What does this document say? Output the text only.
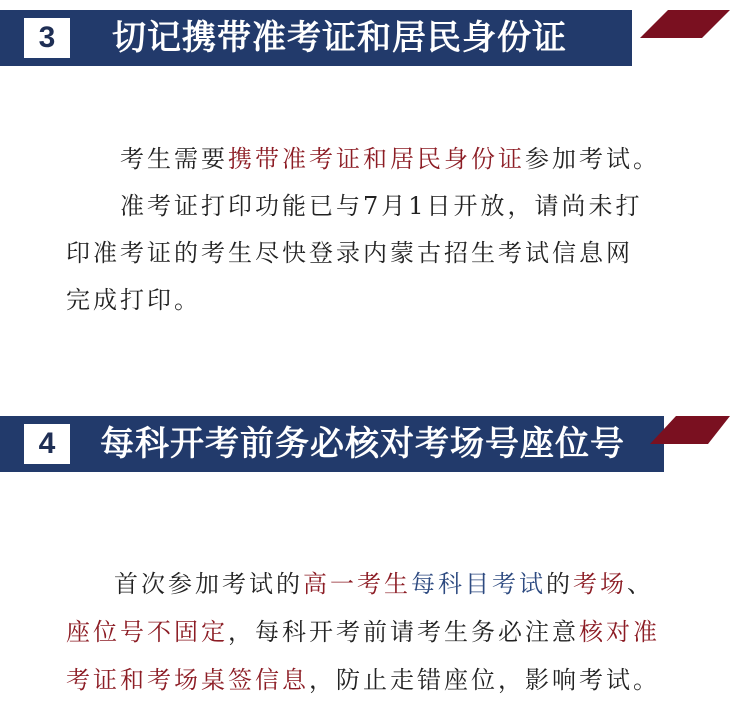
3	切记携带准考证和居民身份证
考生需要携带准考证和居民身份证参加考试。
准考证打印功能已与7月1日开放，请尚未打
印准考证的考生尽快登录内蒙古招生考试信息网
完成打印。
4	每科开考前务必核对考场号座位号
首次参加考试的高一考生每科目考试的考场、
座位号不固定，每科开考前请考生务必注意核对准
考证和考场桌签信息，防止走错座位，影响考试。
